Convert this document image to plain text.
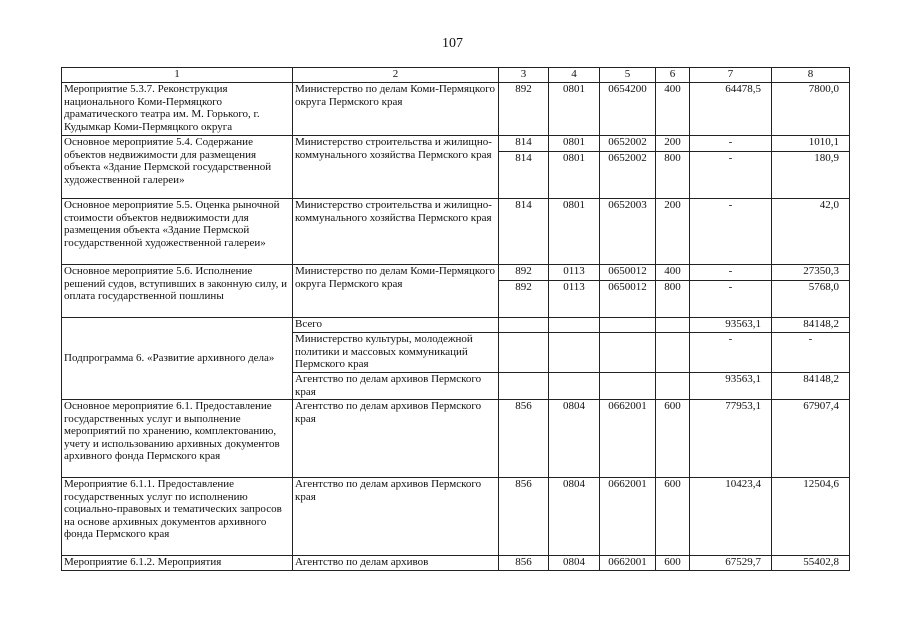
107
1	2	3	4	5	6	7	8
Мероприятие 5.3.7. Реконструкция национального Коми-Пермяцкого драматического театра им. М. Горького, г. Кудымкар Коми-Пермяцкого округа	Министерство по делам Коми-Пермяцкого округа Пермского края	892	0801	0654200	400	64478,5	7800,0
Основное мероприятие 5.4. Содержание объектов недвижимости для размещения объекта «Здание Пермской государственной художественной галереи»	Министерство строительства и жилищно-коммунального хозяйства Пермского края	814	0801	0652002	200	-	1010,1
		814	0801	0652002	800	-	180,9
Основное мероприятие 5.5. Оценка рыночной стоимости объектов недвижимости для размещения объекта «Здание Пермской государственной художественной галереи»	Министерство строительства и жилищно-коммунального хозяйства Пермского края	814	0801	0652003	200	-	42,0
Основное мероприятие 5.6. Исполнение решений судов, вступивших в законную силу, и оплата государственной пошлины	Министерство по делам Коми-Пермяцкого округа Пермского края	892	0113	0650012	400	-	27350,3
		892	0113	0650012	800	-	5768,0
Подпрограмма 6. «Развитие архивного дела»	Всего					93563,1	84148,2
	Министерство культуры, молодежной политики и массовых коммуникаций Пермского края					-	-
	Агентство по делам архивов Пермского края					93563,1	84148,2
Основное мероприятие 6.1. Предоставление государственных услуг и выполнение мероприятий по хранению, комплектованию, учету и использованию архивных документов архивного фонда Пермского края	Агентство по делам архивов Пермского края	856	0804	0662001	600	77953,1	67907,4
Мероприятие 6.1.1. Предоставление государственных услуг по исполнению социально-правовых и тематических запросов на основе архивных документов архивного фонда Пермского края	Агентство по делам архивов Пермского края	856	0804	0662001	600	10423,4	12504,6
Мероприятие 6.1.2. Мероприятия	Агентство по делам архивов	856	0804	0662001	600	67529,7	55402,8
